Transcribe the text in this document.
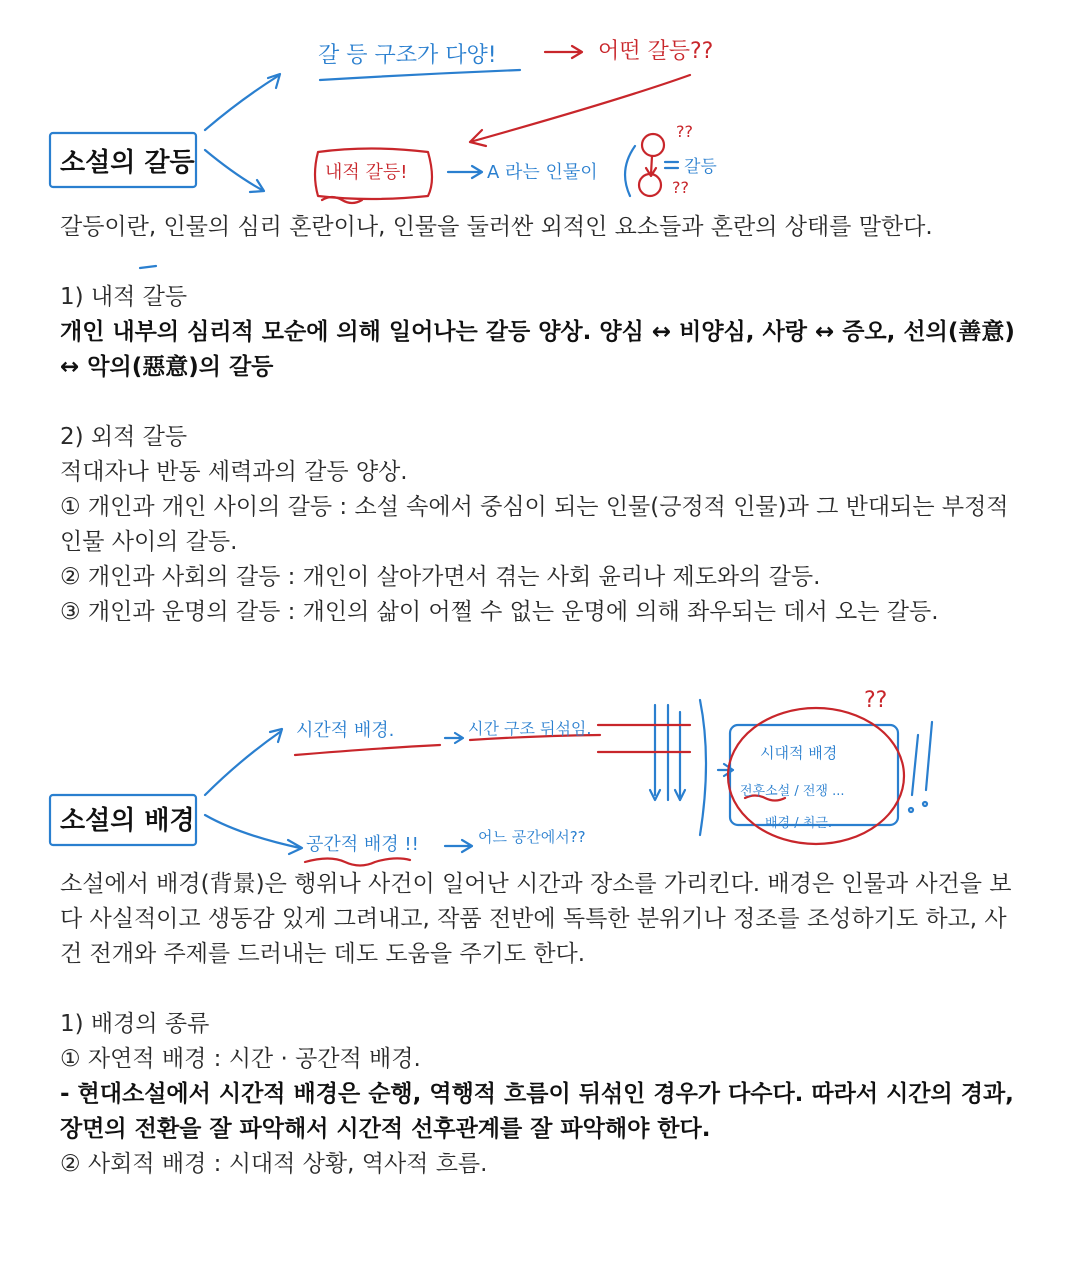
갈 등 구조가 다양!	어떤 갈등??
내적 갈등!	A 라는 인물이	갈등
??
??
소설의 갈등

갈등이란, 인물의 심리 혼란이나, 인물을 둘러싼 외적인 요소들과 혼란의 상태를 말한다.

1) 내적 갈등

개인 내부의 심리적 모순에 의해 일어나는 갈등 양상. 양심 ↔ 비양심, 사랑 ↔ 증오, 선의(善意) ↔ 악의(惡意)의 갈등

2) 외적 갈등

적대자나 반동 세력과의 갈등 양상.

① 개인과 개인 사이의 갈등 : 소설 속에서 중심이 되는 인물(긍정적 인물)과 그 반대되는 부정적 인물 사이의 갈등.

② 개인과 사회의 갈등 : 개인이 살아가면서 겪는 사회 윤리나 제도와의 갈등.

③ 개인과 운명의 갈등 : 개인의 삶이 어쩔 수 없는 운명에 의해 좌우되는 데서 오는 갈등.

시간적 배경.	시간 구조 뒤섞임.
공간적 배경 !!	어느 공간에서??
시대적 배경
전후소설 / 전쟁 ...
배경 / 최근.
??
소설의 배경

소설에서 배경(背景)은 행위나 사건이 일어난 시간과 장소를 가리킨다. 배경은 인물과 사건을 보다 사실적이고 생동감 있게 그려내고, 작품 전반에 독특한 분위기나 정조를 조성하기도 하고, 사건 전개와 주제를 드러내는 데도 도움을 주기도 한다.

1) 배경의 종류

① 자연적 배경 : 시간 · 공간적 배경.

- 현대소설에서 시간적 배경은 순행, 역행적 흐름이 뒤섞인 경우가 다수다. 따라서 시간의 경과, 장면의 전환을 잘 파악해서 시간적 선후관계를 잘 파악해야 한다.

② 사회적 배경 : 시대적 상황, 역사적 흐름.
